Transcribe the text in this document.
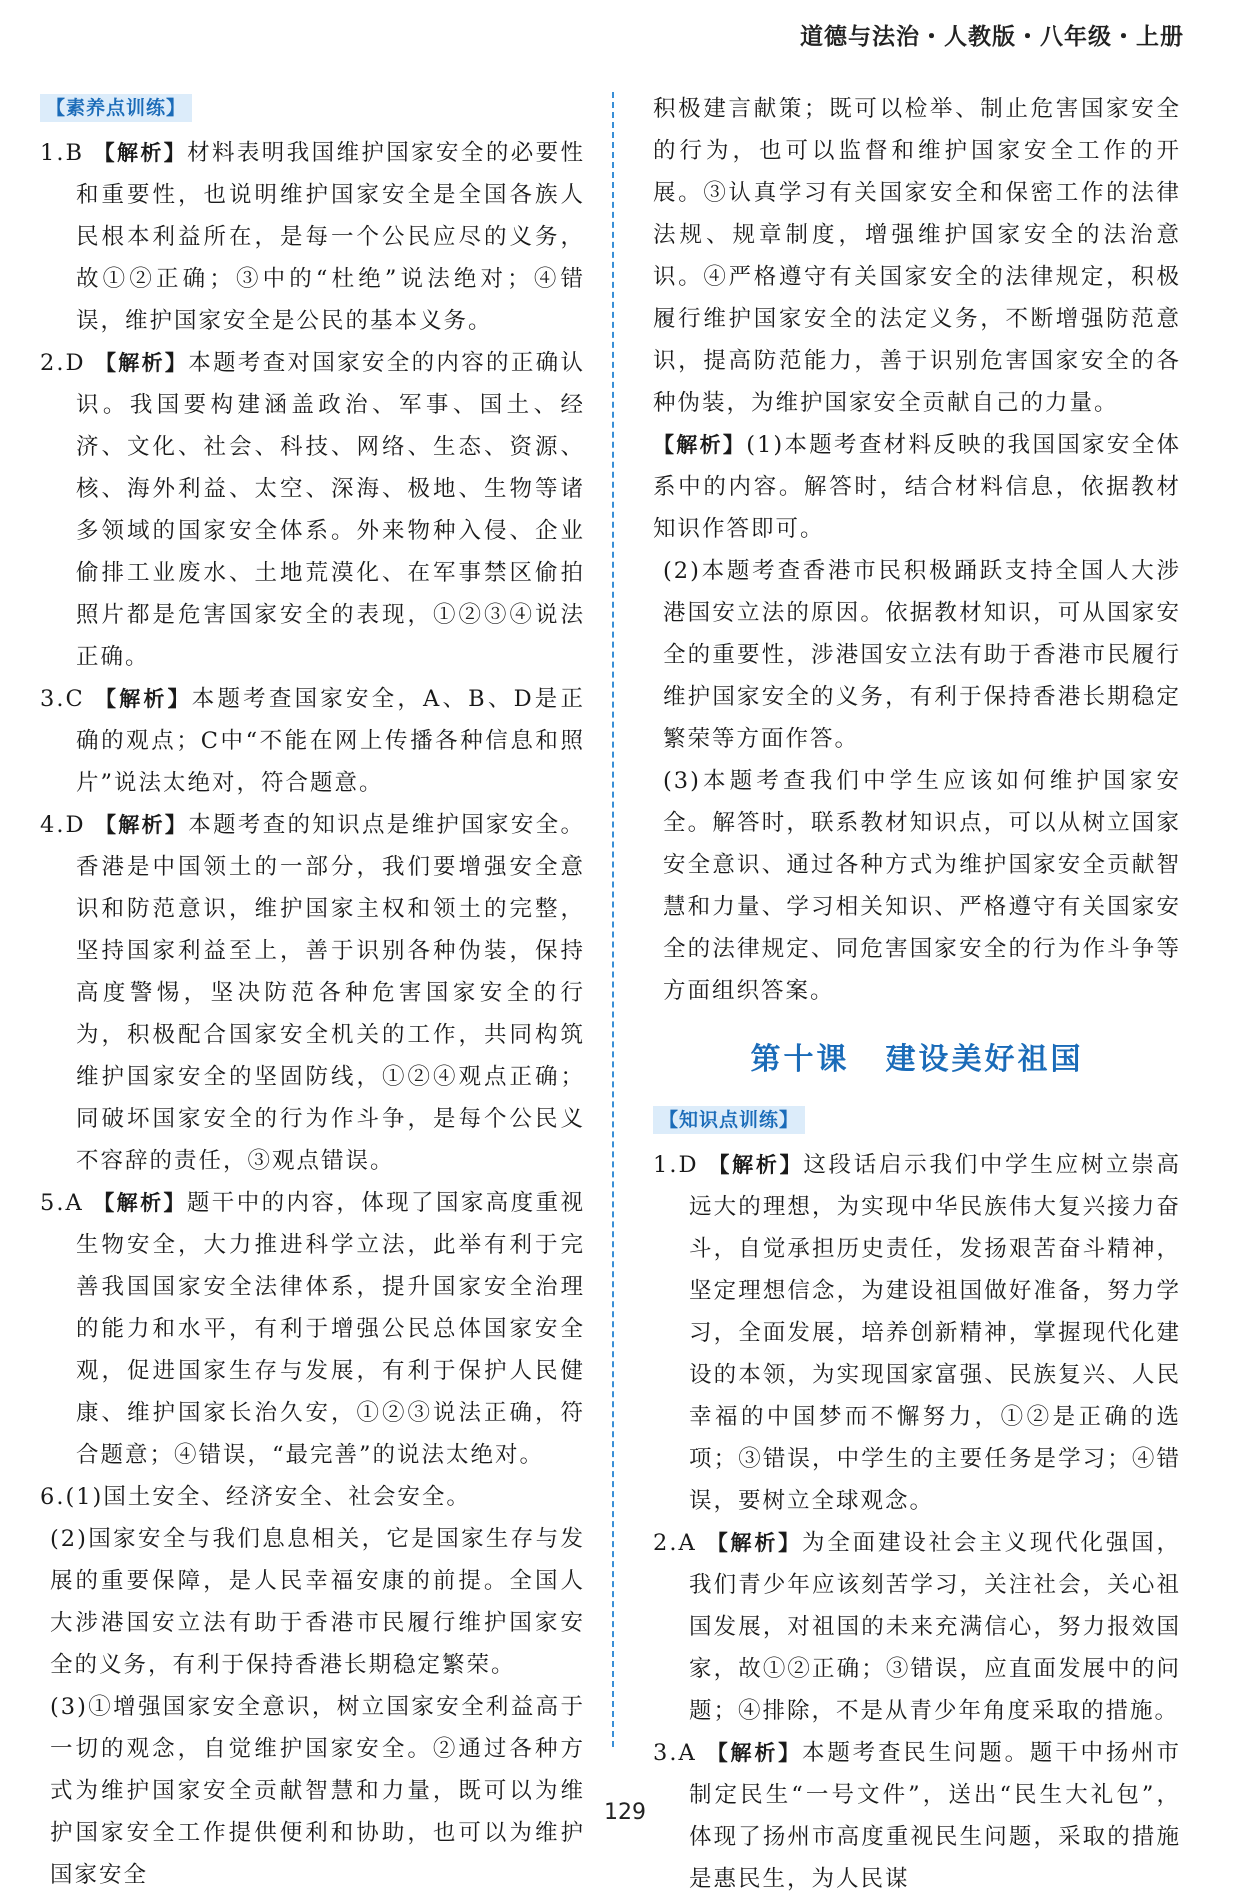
道德与法治・人教版・八年级・上册
【素养点训练】

1.B 【解析】材料表明我国维护国家安全的必要性和重要性，也说明维护国家安全是全国各族人民根本利益所在，是每一个公民应尽的义务，故①②正确；③中的“杜绝”说法绝对；④错误，维护国家安全是公民的基本义务。

2.D 【解析】本题考查对国家安全的内容的正确认识。我国要构建涵盖政治、军事、国土、经济、文化、社会、科技、网络、生态、资源、核、海外利益、太空、深海、极地、生物等诸多领域的国家安全体系。外来物种入侵、企业偷排工业废水、土地荒漠化、在军事禁区偷拍照片都是危害国家安全的表现，①②③④说法正确。

3.C 【解析】本题考查国家安全，A、B、D是正确的观点；C中“不能在网上传播各种信息和照片”说法太绝对，符合题意。

4.D 【解析】本题考查的知识点是维护国家安全。香港是中国领土的一部分，我们要增强安全意识和防范意识，维护国家主权和领土的完整，坚持国家利益至上，善于识别各种伪装，保持高度警惕，坚决防范各种危害国家安全的行为，积极配合国家安全机关的工作，共同构筑维护国家安全的坚固防线，①②④观点正确；同破坏国家安全的行为作斗争，是每个公民义不容辞的责任，③观点错误。

5.A 【解析】题干中的内容，体现了国家高度重视生物安全，大力推进科学立法，此举有利于完善我国国家安全法律体系，提升国家安全治理的能力和水平，有利于增强公民总体国家安全观，促进国家生存与发展，有利于保护人民健康、维护国家长治久安，①②③说法正确，符合题意；④错误，“最完善”的说法太绝对。

6.(1)国土安全、经济安全、社会安全。

(2)国家安全与我们息息相关，它是国家生存与发展的重要保障，是人民幸福安康的前提。全国人大涉港国安立法有助于香港市民履行维护国家安全的义务，有利于保持香港长期稳定繁荣。

(3)①增强国家安全意识，树立国家安全利益高于一切的观念，自觉维护国家安全。②通过各种方式为维护国家安全贡献智慧和力量，既可以为维护国家安全工作提供便利和协助，也可以为维护国家安全

积极建言献策；既可以检举、制止危害国家安全的行为，也可以监督和维护国家安全工作的开展。③认真学习有关国家安全和保密工作的法律法规、规章制度，增强维护国家安全的法治意识。④严格遵守有关国家安全的法律规定，积极履行维护国家安全的法定义务，不断增强防范意识，提高防范能力，善于识别危害国家安全的各种伪装，为维护国家安全贡献自己的力量。

【解析】(1)本题考查材料反映的我国国家安全体系中的内容。解答时，结合材料信息，依据教材知识作答即可。

(2)本题考查香港市民积极踊跃支持全国人大涉港国安立法的原因。依据教材知识，可从国家安全的重要性，涉港国安立法有助于香港市民履行维护国家安全的义务，有利于保持香港长期稳定繁荣等方面作答。

(3)本题考查我们中学生应该如何维护国家安全。解答时，联系教材知识点，可以从树立国家安全意识、通过各种方式为维护国家安全贡献智慧和力量、学习相关知识、严格遵守有关国家安全的法律规定、同危害国家安全的行为作斗争等方面组织答案。

第十课 建设美好祖国
【知识点训练】

1.D 【解析】这段话启示我们中学生应树立崇高远大的理想，为实现中华民族伟大复兴接力奋斗，自觉承担历史责任，发扬艰苦奋斗精神，坚定理想信念，为建设祖国做好准备，努力学习，全面发展，培养创新精神，掌握现代化建设的本领，为实现国家富强、民族复兴、人民幸福的中国梦而不懈努力，①②是正确的选项；③错误，中学生的主要任务是学习；④错误，要树立全球观念。

2.A 【解析】为全面建设社会主义现代化强国，我们青少年应该刻苦学习，关注社会，关心祖国发展，对祖国的未来充满信心，努力报效国家，故①②正确；③错误，应直面发展中的问题；④排除，不是从青少年角度采取的措施。

3.A 【解析】本题考查民生问题。题干中扬州市制定民生“一号文件”，送出“民生大礼包”，体现了扬州市高度重视民生问题，采取的措施是惠民生，为人民谋

129
